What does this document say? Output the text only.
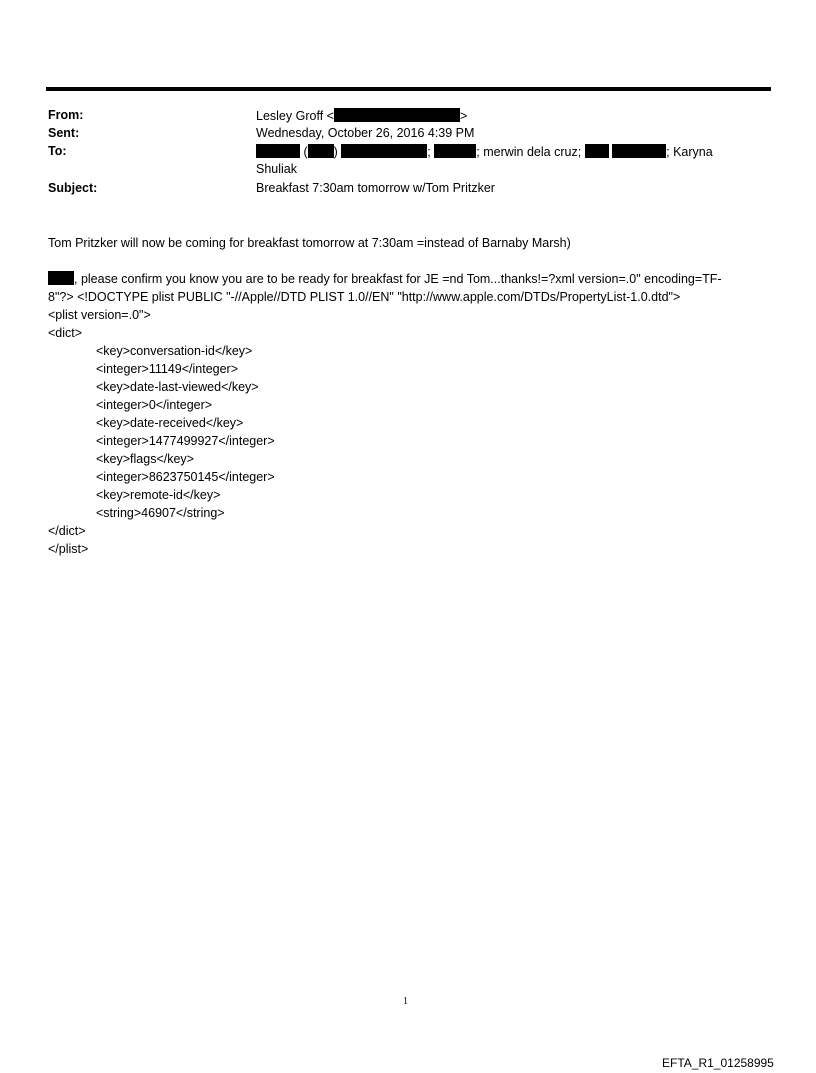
From:	Lesley Groff <	>
Sent:	Wednesday, October 26, 2016 4:39 PM
To:	( )	;	; merwin dela cruz;	; Karyna
Shuliak
Subject:	Breakfast 7:30am tomorrow w/Tom Pritzker
Tom Pritzker will now be coming for breakfast tomorrow at 7:30am =instead of Barnaby Marsh)
, please confirm you know you are to be ready for breakfast for JE =nd Tom...thanks!=?xml version=.0" encoding=TF-
8"?> <!DOCTYPE plist PUBLIC "-//Apple//DTD PLIST 1.0//EN" "http://www.apple.com/DTDs/PropertyList-1.0.dtd">
<plist version=.0">
<dict>
<key>conversation-id</key>
<integer>11149</integer>
<key>date-last-viewed</key>
<integer>0</integer>
<key>date-received</key>
<integer>1477499927</integer>
<key>flags</key>
<integer>8623750145</integer>
<key>remote-id</key>
<string>46907</string>
</dict>
</plist>
1
EFTA_R1_01258995
